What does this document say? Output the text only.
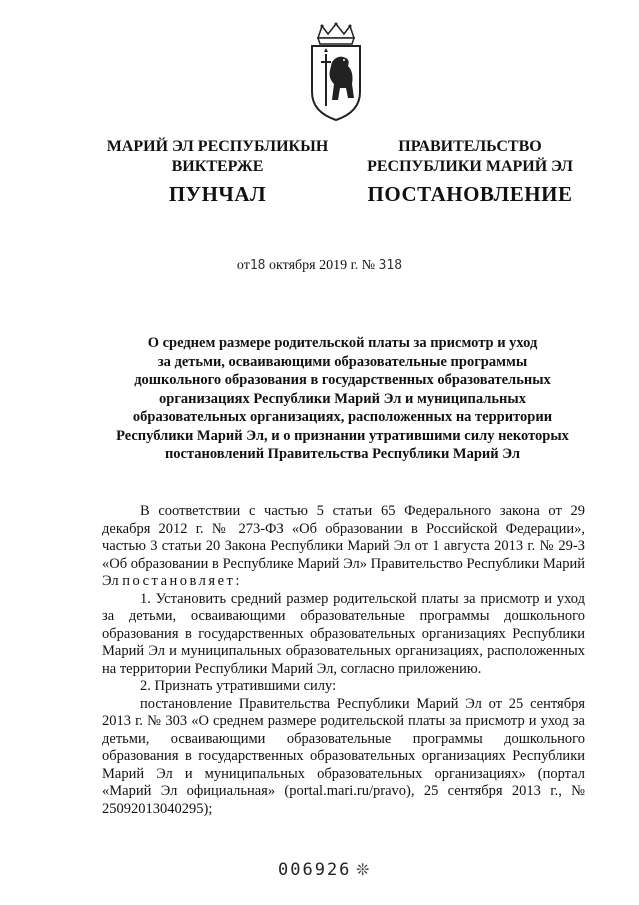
МАРИЙ ЭЛ РЕСПУБЛИКЫН
ВИКТЕРЖЕ
ПУНЧАЛ
ПРАВИТЕЛЬСТВО
РЕСПУБЛИКИ МАРИЙ ЭЛ
ПОСТАНОВЛЕНИЕ
от18 октября 2019 г. № 318
О среднем размере родительской платы за присмотр и уход
за детьми, осваивающими образовательные программы
дошкольного образования в государственных образовательных
организациях Республики Марий Эл и муниципальных
образовательных организациях, расположенных на территории
Республики Марий Эл, и о признании утратившими силу некоторых
постановлений Правительства Республики Марий Эл

В соответствии с частью 5 статьи 65 Федерального закона от 29 декабря 2012 г. № 273-ФЗ «Об образовании в Российской Федерации», частью 3 статьи 20 Закона Республики Марий Эл от 1 августа 2013 г. № 29-З «Об образовании в Республике Марий Эл» Правительство Республики Марий Эл постановляет:

1. Установить средний размер родительской платы за присмотр и уход за детьми, осваивающими образовательные программы дошкольного образования в государственных образовательных организациях Республики Марий Эл и муниципальных образовательных организациях, расположенных на территории Республики Марий Эл, согласно приложению.

2. Признать утратившими силу:

постановление Правительства Республики Марий Эл от 25 сентября 2013 г. № 303 «О среднем размере родительской платы за присмотр и уход за детьми, осваивающими образовательные программы дошкольного образования в государственных образовательных организациях Республики Марий Эл и муниципальных образовательных организациях» (портал «Марий Эл официальная» (portal.mari.ru/pravo), 25 сентября 2013 г., № 25092013040295);

006926 ❊
